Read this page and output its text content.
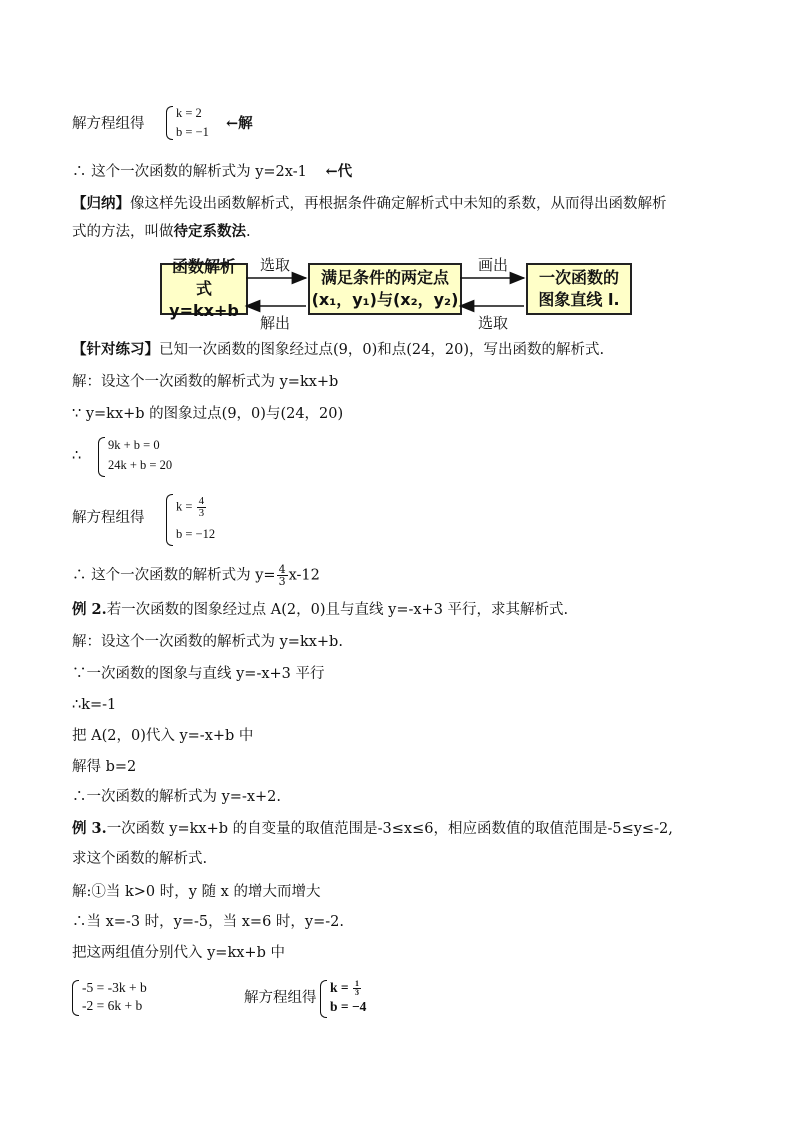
解方程组得
k = 2
b = −1 ←解
∴ 这个一次函数的解析式为 y=2x-1 ←代
【归纳】像这样先设出函数解析式，再根据条件确定解析式中未知的系数，从而得出函数解析
式的方法，叫做待定系数法.
函数解析
式y=kx+b
满足条件的两定点
(x₁，y₁)与(x₂，y₂)
一次函数的
图象直线 l.
选取
解出
画出
选取
【针对练习】已知一次函数的图象经过点(9，0)和点(24，20)，写出函数的解析式.
解：设这个一次函数的解析式为 y=kx+b
∵ y=kx+b 的图象过点(9，0)与(24，20)
∴
9k + b = 0
24k + b = 20
解方程组得
$k = \frac{4}{3}$
b = −12
∴ 这个一次函数的解析式为 $y= \frac{4}{3} x-12$
例 2.若一次函数的图象经过点 A(2，0)且与直线 y=-x+3 平行，求其解析式.
解：设这个一次函数的解析式为 y=kx+b.
∵一次函数的图象与直线 y=-x+3 平行
∴k=-1
把 A(2，0)代入 y=-x+b 中
解得 b=2
∴一次函数的解析式为 y=-x+2.
例 3.一次函数 y=kx+b 的自变量的取值范围是-3≤x≤6，相应函数值的取值范围是-5≤y≤-2,
求这个函数的解析式.
解:①当 k>0 时，y 随 x 的增大而增大
∴当 x=-3 时，y=-5，当 x=6 时，y=-2.
把这两组值分别代入 y=kx+b 中
-5 = -3k + b
-2 = 6k + b	解方程组得
$k = \frac{1}{3}$
b = −4
